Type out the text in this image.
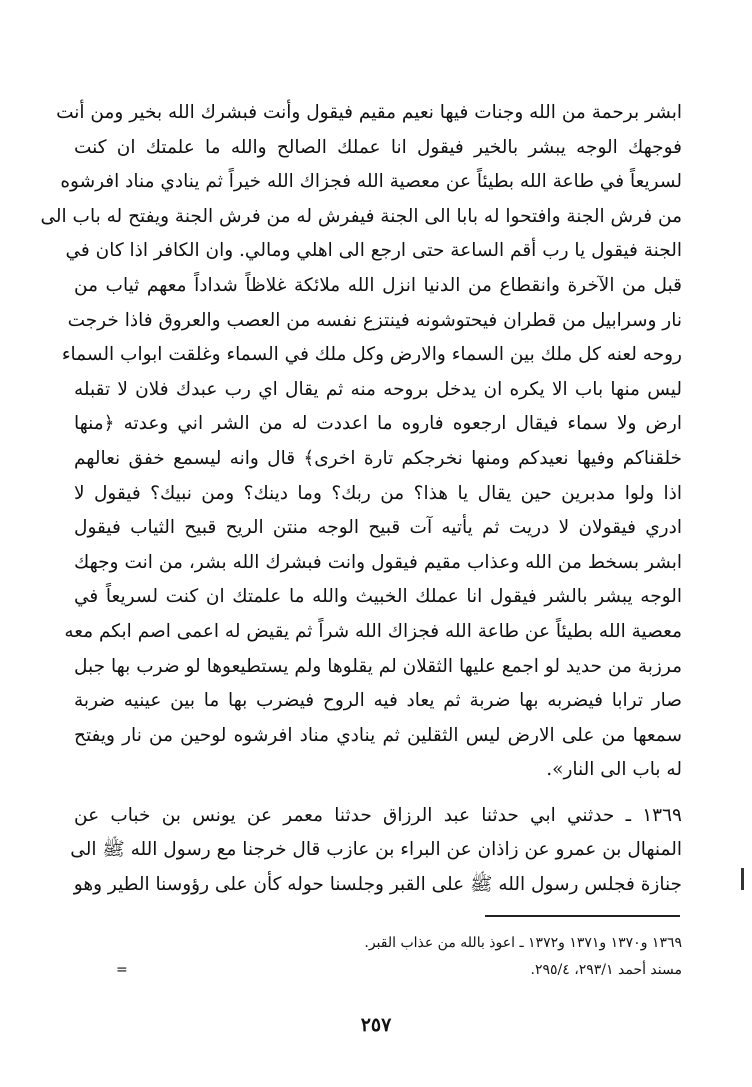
ابشر برحمة من الله وجنات فيها نعيم مقيم فيقول وأنت فبشرك الله بخير ومن أنت
فوجهك الوجه يبشر بالخير فيقول انا عملك الصالح والله ما علمتك ان كنت
لسريعاً في طاعة الله بطيئاً عن معصية الله فجزاك الله خيراً ثم ينادي مناد افرشوه
من فرش الجنة وافتحوا له بابا الى الجنة فيفرش له من فرش الجنة ويفتح له باب الى
الجنة فيقول يا رب أقم الساعة حتى ارجع الى اهلي ومالي. وان الكافر اذا كان في
قبل من الآخرة وانقطاع من الدنيا انزل الله ملائكة غلاظاً شداداً معهم ثياب من
نار وسرابيل من قطران فيحتوشونه فينتزع نفسه من العصب والعروق فاذا خرجت
روحه لعنه كل ملك بين السماء والارض وكل ملك في السماء وغلقت ابواب السماء
ليس منها باب الا يكره ان يدخل بروحه منه ثم يقال اي رب عبدك فلان لا تقبله
ارض ولا سماء فيقال ارجعوه فاروه ما اعددت له من الشر اني وعدته ﴿منها
خلقناكم وفيها نعيدكم ومنها نخرجكم تارة اخرى﴾ قال وانه ليسمع خفق نعالهم
اذا ولوا مدبرين حين يقال يا هذا؟ من ربك؟ وما دينك؟ ومن نبيك؟ فيقول لا
ادري فيقولان لا دريت ثم يأتيه آت قبيح الوجه منتن الريح قبيح الثياب فيقول
ابشر بسخط من الله وعذاب مقيم فيقول وانت فبشرك الله بشر، من انت وجهك
الوجه يبشر بالشر فيقول انا عملك الخبيث والله ما علمتك ان كنت لسريعاً في
معصية الله بطيئاً عن طاعة الله فجزاك الله شراً ثم يقيض له اعمى اصم ابكم معه
مرزبة من حديد لو اجمع عليها الثقلان لم يقلوها ولم يستطيعوها لو ضرب بها جبل
صار ترابا فيضربه بها ضربة ثم يعاد فيه الروح فيضرب بها ما بين عينيه ضربة
سمعها من على الارض ليس الثقلين ثم ينادي مناد افرشوه لوحين من نار ويفتح
له باب الى النار».
١٣٦٩ ـ حدثني ابي حدثنا عبد الرزاق حدثنا معمر عن يونس بن خباب عن
المنهال بن عمرو عن زاذان عن البراء بن عازب قال خرجنا مع رسول الله ﷺ الى
جنازة فجلس رسول الله ﷺ على القبر وجلسنا حوله كأن على رؤوسنا الطير وهو
١٣٦٩ و١٣٧٠ و١٣٧١ و١٣٧٢ ـ اعوذ بالله من عذاب القبر.
مسند أحمد ٢٩٣/١، ٢٩٥/٤.
=
٢٥٧
